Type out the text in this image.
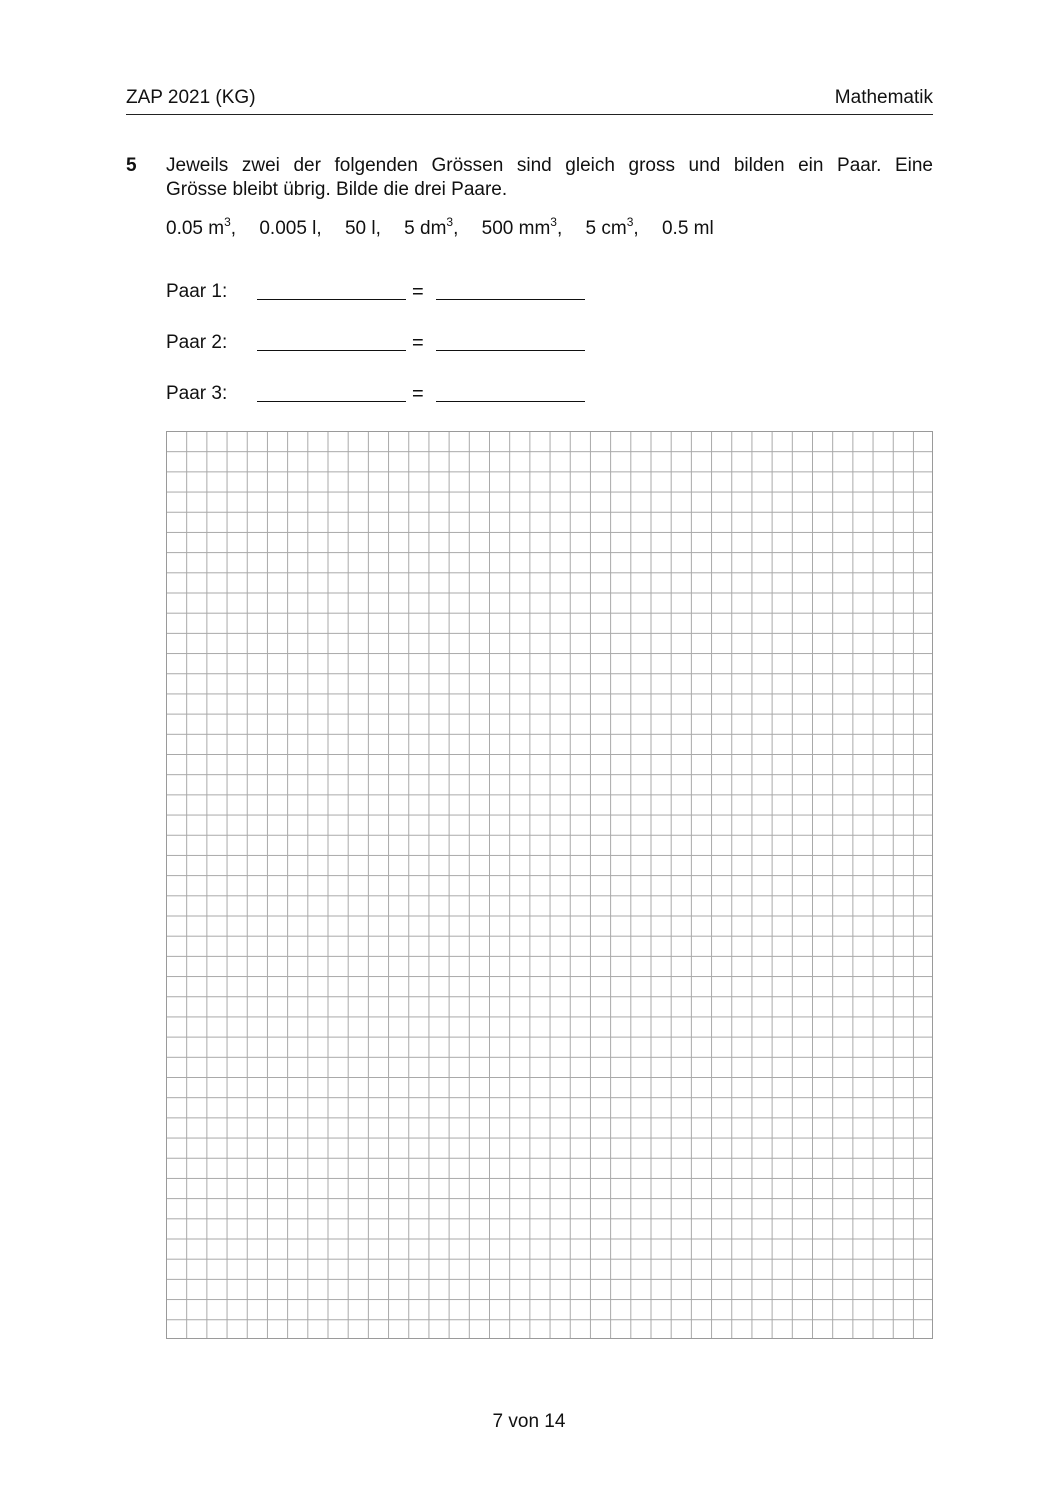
ZAP 2021 (KG)	Mathematik
5 Jeweils zwei der folgenden Grössen sind gleich gross und bilden ein Paar. Eine
Grösse bleibt übrig. Bilde die drei Paare.
0.05 $m^3$, 0.005 l, 50 l, 5 $dm^3$, 500 $mm^3$, 5 $cm^3$, 0.5 ml
Paar 1:	=
Paar 2:	=
Paar 3:	=
7 von 14
